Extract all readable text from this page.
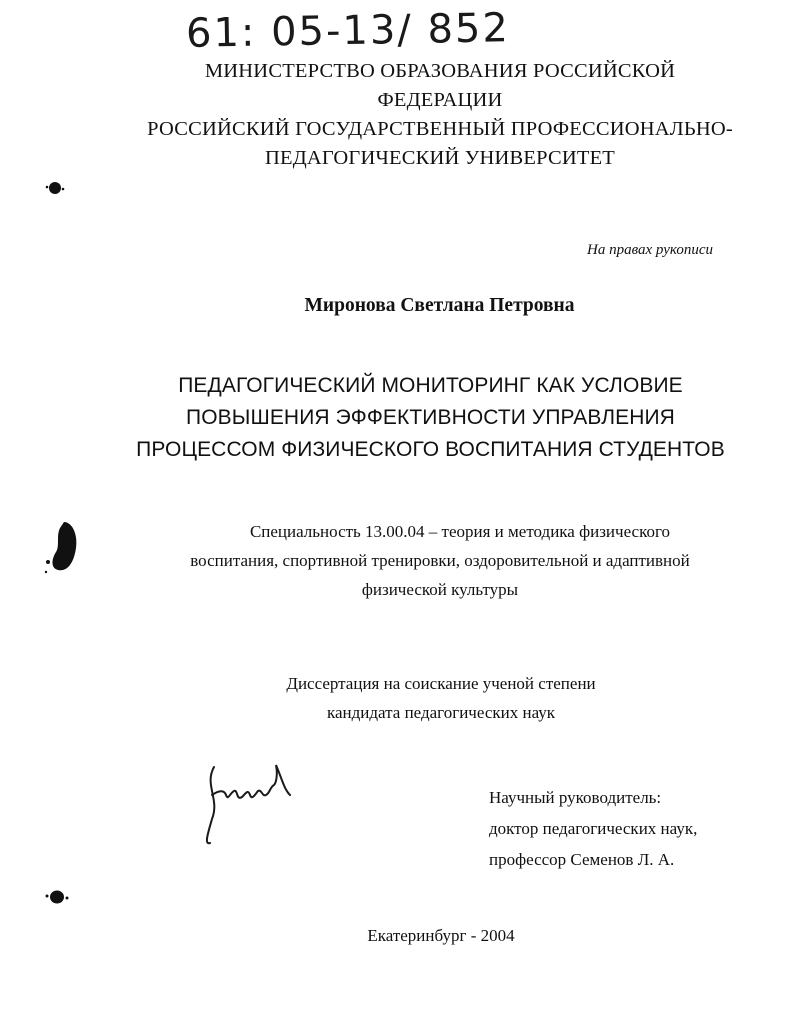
61: 05-13/ 852
МИНИСТЕРСТВО ОБРАЗОВАНИЯ РОССИЙСКОЙ ФЕДЕРАЦИИ
РОССИЙСКИЙ ГОСУДАРСТВЕННЫЙ ПРОФЕССИОНАЛЬНО-
ПЕДАГОГИЧЕСКИЙ УНИВЕРСИТЕТ
На правах рукописи
Миронова Светлана Петровна
ПЕДАГОГИЧЕСКИЙ МОНИТОРИНГ КАК УСЛОВИЕ
ПОВЫШЕНИЯ ЭФФЕКТИВНОСТИ УПРАВЛЕНИЯ
ПРОЦЕССОМ ФИЗИЧЕСКОГО ВОСПИТАНИЯ СТУДЕНТОВ
Специальность 13.00.04 – теория и методика физического
воспитания, спортивной тренировки, оздоровительной и адаптивной
физической культуры
Диссертация на соискание ученой степени
кандидата педагогических наук
Научный руководитель:
доктор педагогических наук,
профессор Семенов Л. А.
Екатеринбург - 2004
